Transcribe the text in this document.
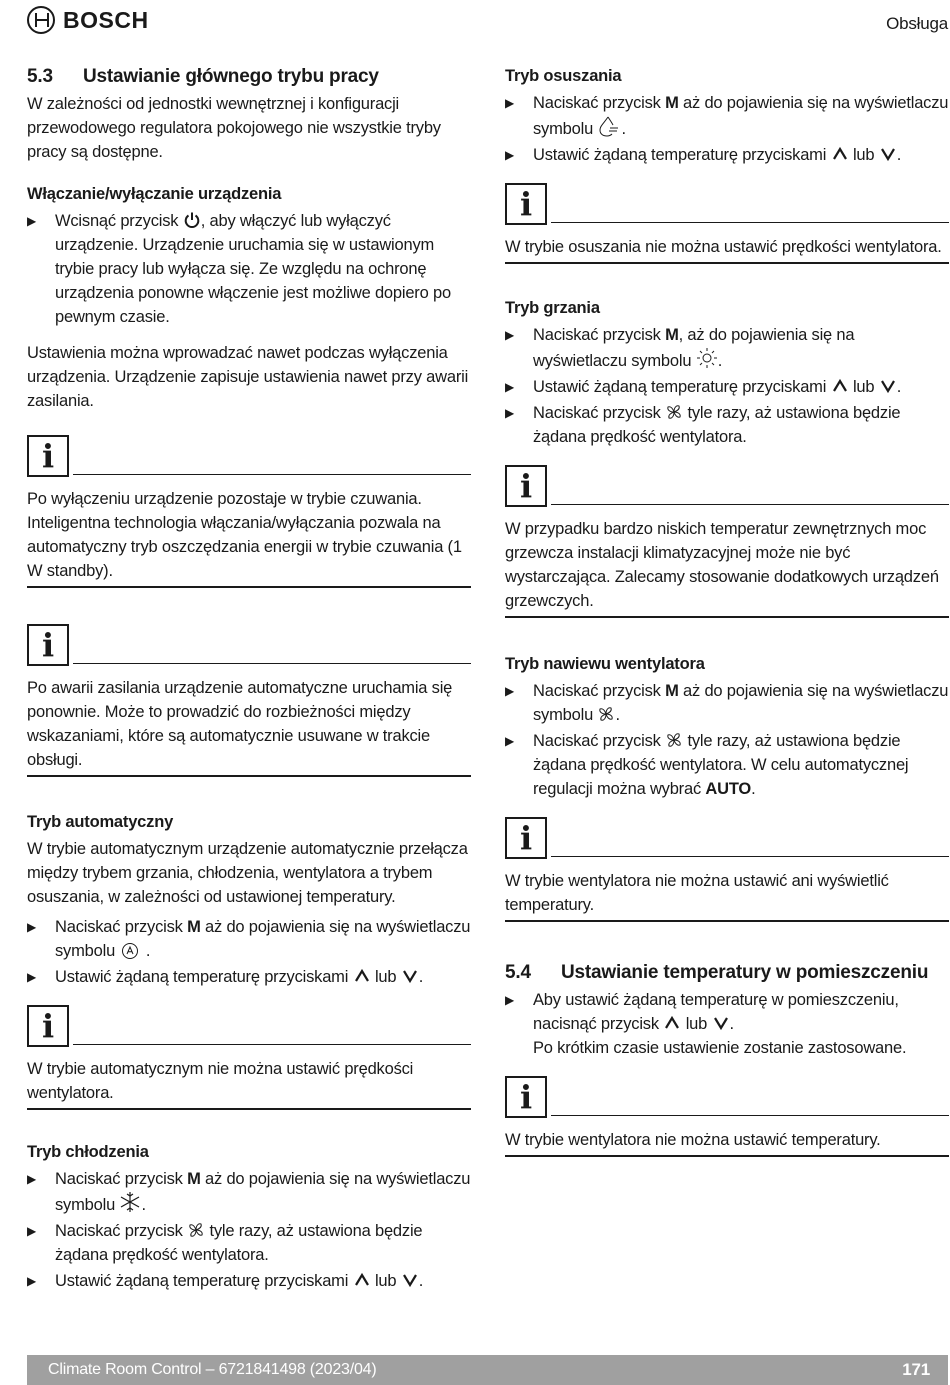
BOSCH	Obsługa
5.3 Ustawianie głównego trybu pracy

W zależności od jednostki wewnętrznej i konfiguracji przewodowego regulatora pokojowego nie wszystkie tryby pracy są dostępne.

Włączanie/wyłączanie urządzenia
▶ Wcisnąć przycisk , aby włączyć lub wyłączyć urządzenie. Urządzenie uruchamia się w ustawionym trybie pracy lub wyłącza się. Ze względu na ochronę urządzenia ponowne włączenie jest możliwe dopiero po pewnym czasie.

Ustawienia można wprowadzać nawet podczas wyłączenia urządzenia. Urządzenie zapisuje ustawienia nawet przy awarii zasilania.

i
Po wyłączeniu urządzenie pozostaje w trybie czuwania. Inteligentna technologia włączania/wyłączania pozwala na automatyczny tryb oszczędzania energii w trybie czuwania (1 W standby).
i
Po awarii zasilania urządzenie automatyczne uruchamia się ponownie. Może to prowadzić do rozbieżności między wskazaniami, które są automatycznie usuwane w trakcie obsługi.
Tryb automatyczny

W trybie automatycznym urządzenie automatycznie przełącza między trybem grzania, chłodzenia, wentylatora a trybem osuszania, w zależności od ustawionej temperatury.

▶ Naciskać przycisk M aż do pojawienia się na wyświetlaczu symbolu
.
▶ Ustawić żądaną temperaturę przyciskami lub .
i
W trybie automatycznym nie można ustawić prędkości wentylatora.
Tryb chłodzenia
▶ Naciskać przycisk M aż do pojawienia się na wyświetlaczu symbolu .
▶ Naciskać przycisk tyle razy, aż ustawiona będzie żądana prędkość wentylatora.
▶ Ustawić żądaną temperaturę przyciskami lub .
Tryb osuszania
▶ Naciskać przycisk M aż do pojawienia się na wyświetlaczu symbolu .
▶ Ustawić żądaną temperaturę przyciskami lub .
i
W trybie osuszania nie można ustawić prędkości wentylatora.
Tryb grzania
▶ Naciskać przycisk M, aż do pojawienia się na wyświetlaczu symbolu .
▶ Ustawić żądaną temperaturę przyciskami lub .
▶ Naciskać przycisk tyle razy, aż ustawiona będzie żądana prędkość wentylatora.
i
W przypadku bardzo niskich temperatur zewnętrznych moc grzewcza instalacji klimatyzacyjnej może nie być wystarczająca. Zalecamy stosowanie dodatkowych urządzeń grzewczych.
Tryb nawiewu wentylatora
▶ Naciskać przycisk M aż do pojawienia się na wyświetlaczu symbolu .
▶ Naciskać przycisk tyle razy, aż ustawiona będzie żądana prędkość wentylatora. W celu automatycznej regulacji można wybrać AUTO.
i
W trybie wentylatora nie można ustawić ani wyświetlić temperatury.
5.4 Ustawianie temperatury w pomieszczeniu
▶ Aby ustawić żądaną temperaturę w pomieszczeniu, nacisnąć przycisk lub .
Po krótkim czasie ustawienie zostanie zastosowane.
i
W trybie wentylatora nie można ustawić temperatury.
Climate Room Control – 6721841498 (2023/04)	171
